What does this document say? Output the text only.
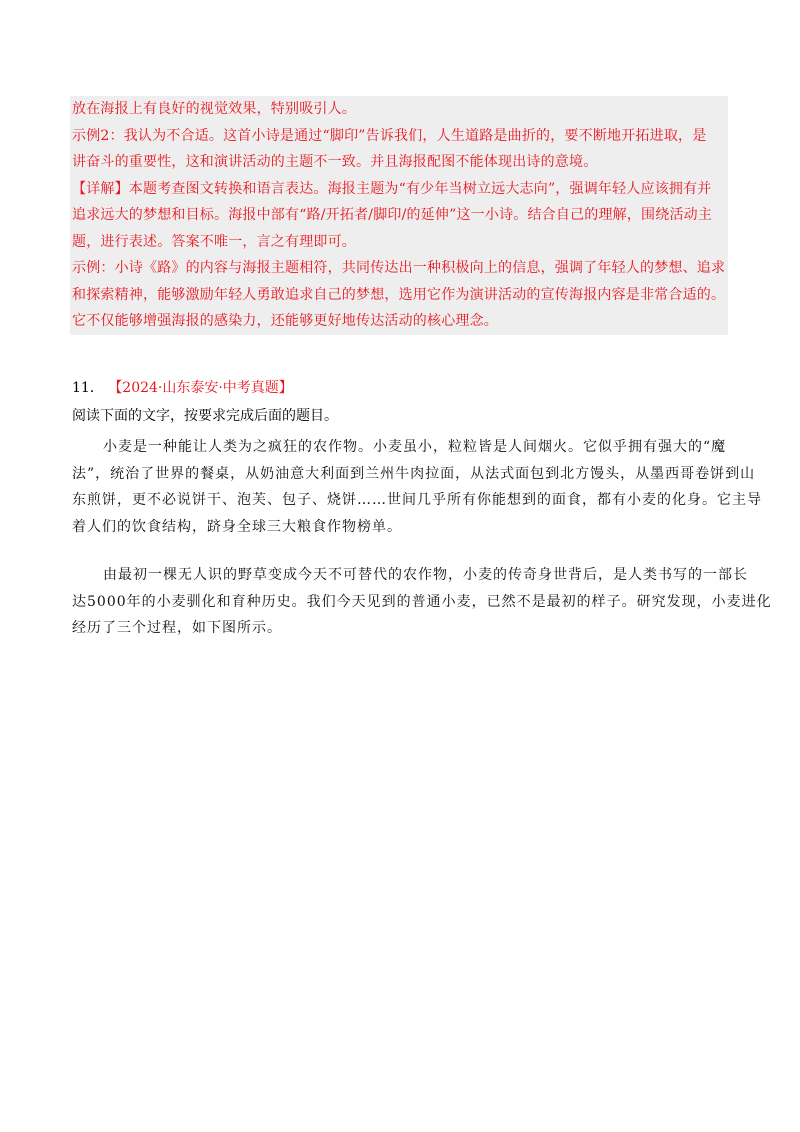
放在海报上有良好的视觉效果，特别吸引人。
示例2：我认为不合适。这首小诗是通过“脚印”告诉我们，人生道路是曲折的，要不断地开拓进取，是
讲奋斗的重要性，这和演讲活动的主题不一致。并且海报配图不能体现出诗的意境。
【详解】本题考查图文转换和语言表达。海报主题为“有少年当树立远大志向”，强调年轻人应该拥有并
追求远大的梦想和目标。海报中部有“路/开拓者/脚印/的延伸”这一小诗。结合自己的理解，围绕活动主
题，进行表述。答案不唯一，言之有理即可。
示例：小诗《路》的内容与海报主题相符，共同传达出一种积极向上的信息，强调了年轻人的梦想、追求
和探索精神，能够激励年轻人勇敢追求自己的梦想，选用它作为演讲活动的宣传海报内容是非常合适的。
它不仅能够增强海报的感染力，还能够更好地传达活动的核心理念。
11． 【2024·山东泰安·中考真题】
阅读下面的文字，按要求完成后面的题目。
小麦是一种能让人类为之疯狂的农作物。小麦虽小，粒粒皆是人间烟火。它似乎拥有强大的“魔
法”，统治了世界的餐桌，从奶油意大利面到兰州牛肉拉面，从法式面包到北方馒头，从墨西哥卷饼到山
东煎饼，更不必说饼干、泡芙、包子、烧饼……世间几乎所有你能想到的面食，都有小麦的化身。它主导
着人们的饮食结构，跻身全球三大粮食作物榜单。
由最初一棵无人识的野草变成今天不可替代的农作物，小麦的传奇身世背后，是人类书写的一部长
达5000年的小麦驯化和育种历史。我们今天见到的普通小麦，已然不是最初的样子。研究发现，小麦进化
经历了三个过程，如下图所示。
